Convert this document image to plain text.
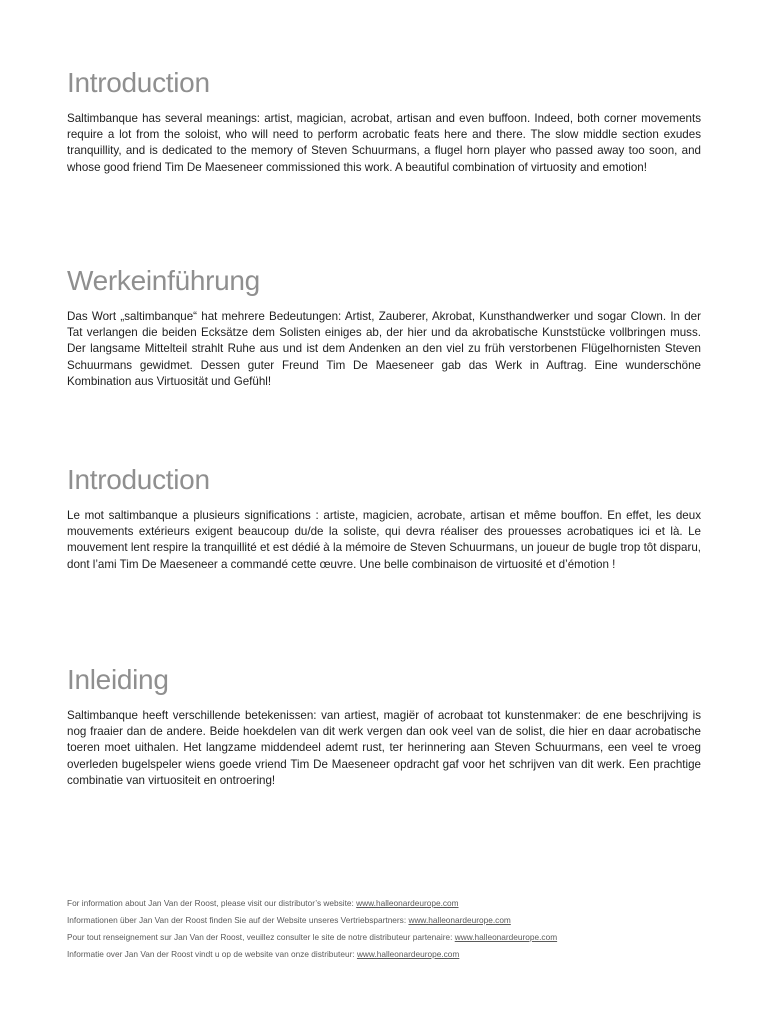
Introduction

Saltimbanque has several meanings: artist, magician, acrobat, artisan and even buffoon. Indeed, both corner movements require a lot from the soloist, who will need to perform acrobatic feats here and there. The slow middle section exudes tranquillity, and is dedicated to the memory of Steven Schuurmans, a flugel horn player who passed away too soon, and whose good friend Tim De Maeseneer commissioned this work. A beautiful combination of virtuosity and emotion!

Werkeinführung

Das Wort „saltimbanque“ hat mehrere Bedeutungen: Artist, Zauberer, Akrobat, Kunsthandwerker und sogar Clown. In der Tat verlangen die beiden Ecksätze dem Solisten einiges ab, der hier und da akrobatische Kunststücke vollbringen muss. Der langsame Mittelteil strahlt Ruhe aus und ist dem Andenken an den viel zu früh verstorbenen Flügelhornisten Steven Schuurmans gewidmet. Dessen guter Freund Tim De Maeseneer gab das Werk in Auftrag. Eine wunderschöne Kombination aus Virtuosität und Gefühl!

Introduction

Le mot saltimbanque a plusieurs significations : artiste, magicien, acrobate, artisan et même bouffon. En effet, les deux mouvements extérieurs exigent beaucoup du/de la soliste, qui devra réaliser des prouesses acrobatiques ici et là. Le mouvement lent respire la tranquillité et est dédié à la mémoire de Steven Schuurmans, un joueur de bugle trop tôt disparu, dont l’ami Tim De Maeseneer a commandé cette œuvre. Une belle combinaison de virtuosité et d’émotion !

Inleiding

Saltimbanque heeft verschillende betekenissen: van artiest, magiër of acrobaat tot kunstenmaker: de ene beschrijving is nog fraaier dan de andere. Beide hoekdelen van dit werk vergen dan ook veel van de solist, die hier en daar acrobatische toeren moet uithalen. Het langzame middendeel ademt rust, ter herinnering aan Steven Schuurmans, een veel te vroeg overleden bugelspeler wiens goede vriend Tim De Maeseneer opdracht gaf voor het schrijven van dit werk. Een prachtige combinatie van virtuositeit en ontroering!

For information about Jan Van der Roost, please visit our distributor’s website: www.halleonardeurope.com
Informationen über Jan Van der Roost finden Sie auf der Website unseres Vertriebspartners: www.halleonardeurope.com
Pour tout renseignement sur Jan Van der Roost, veuillez consulter le site de notre distributeur partenaire: www.halleonardeurope.com
Informatie over Jan Van der Roost vindt u op de website van onze distributeur: www.halleonardeurope.com
